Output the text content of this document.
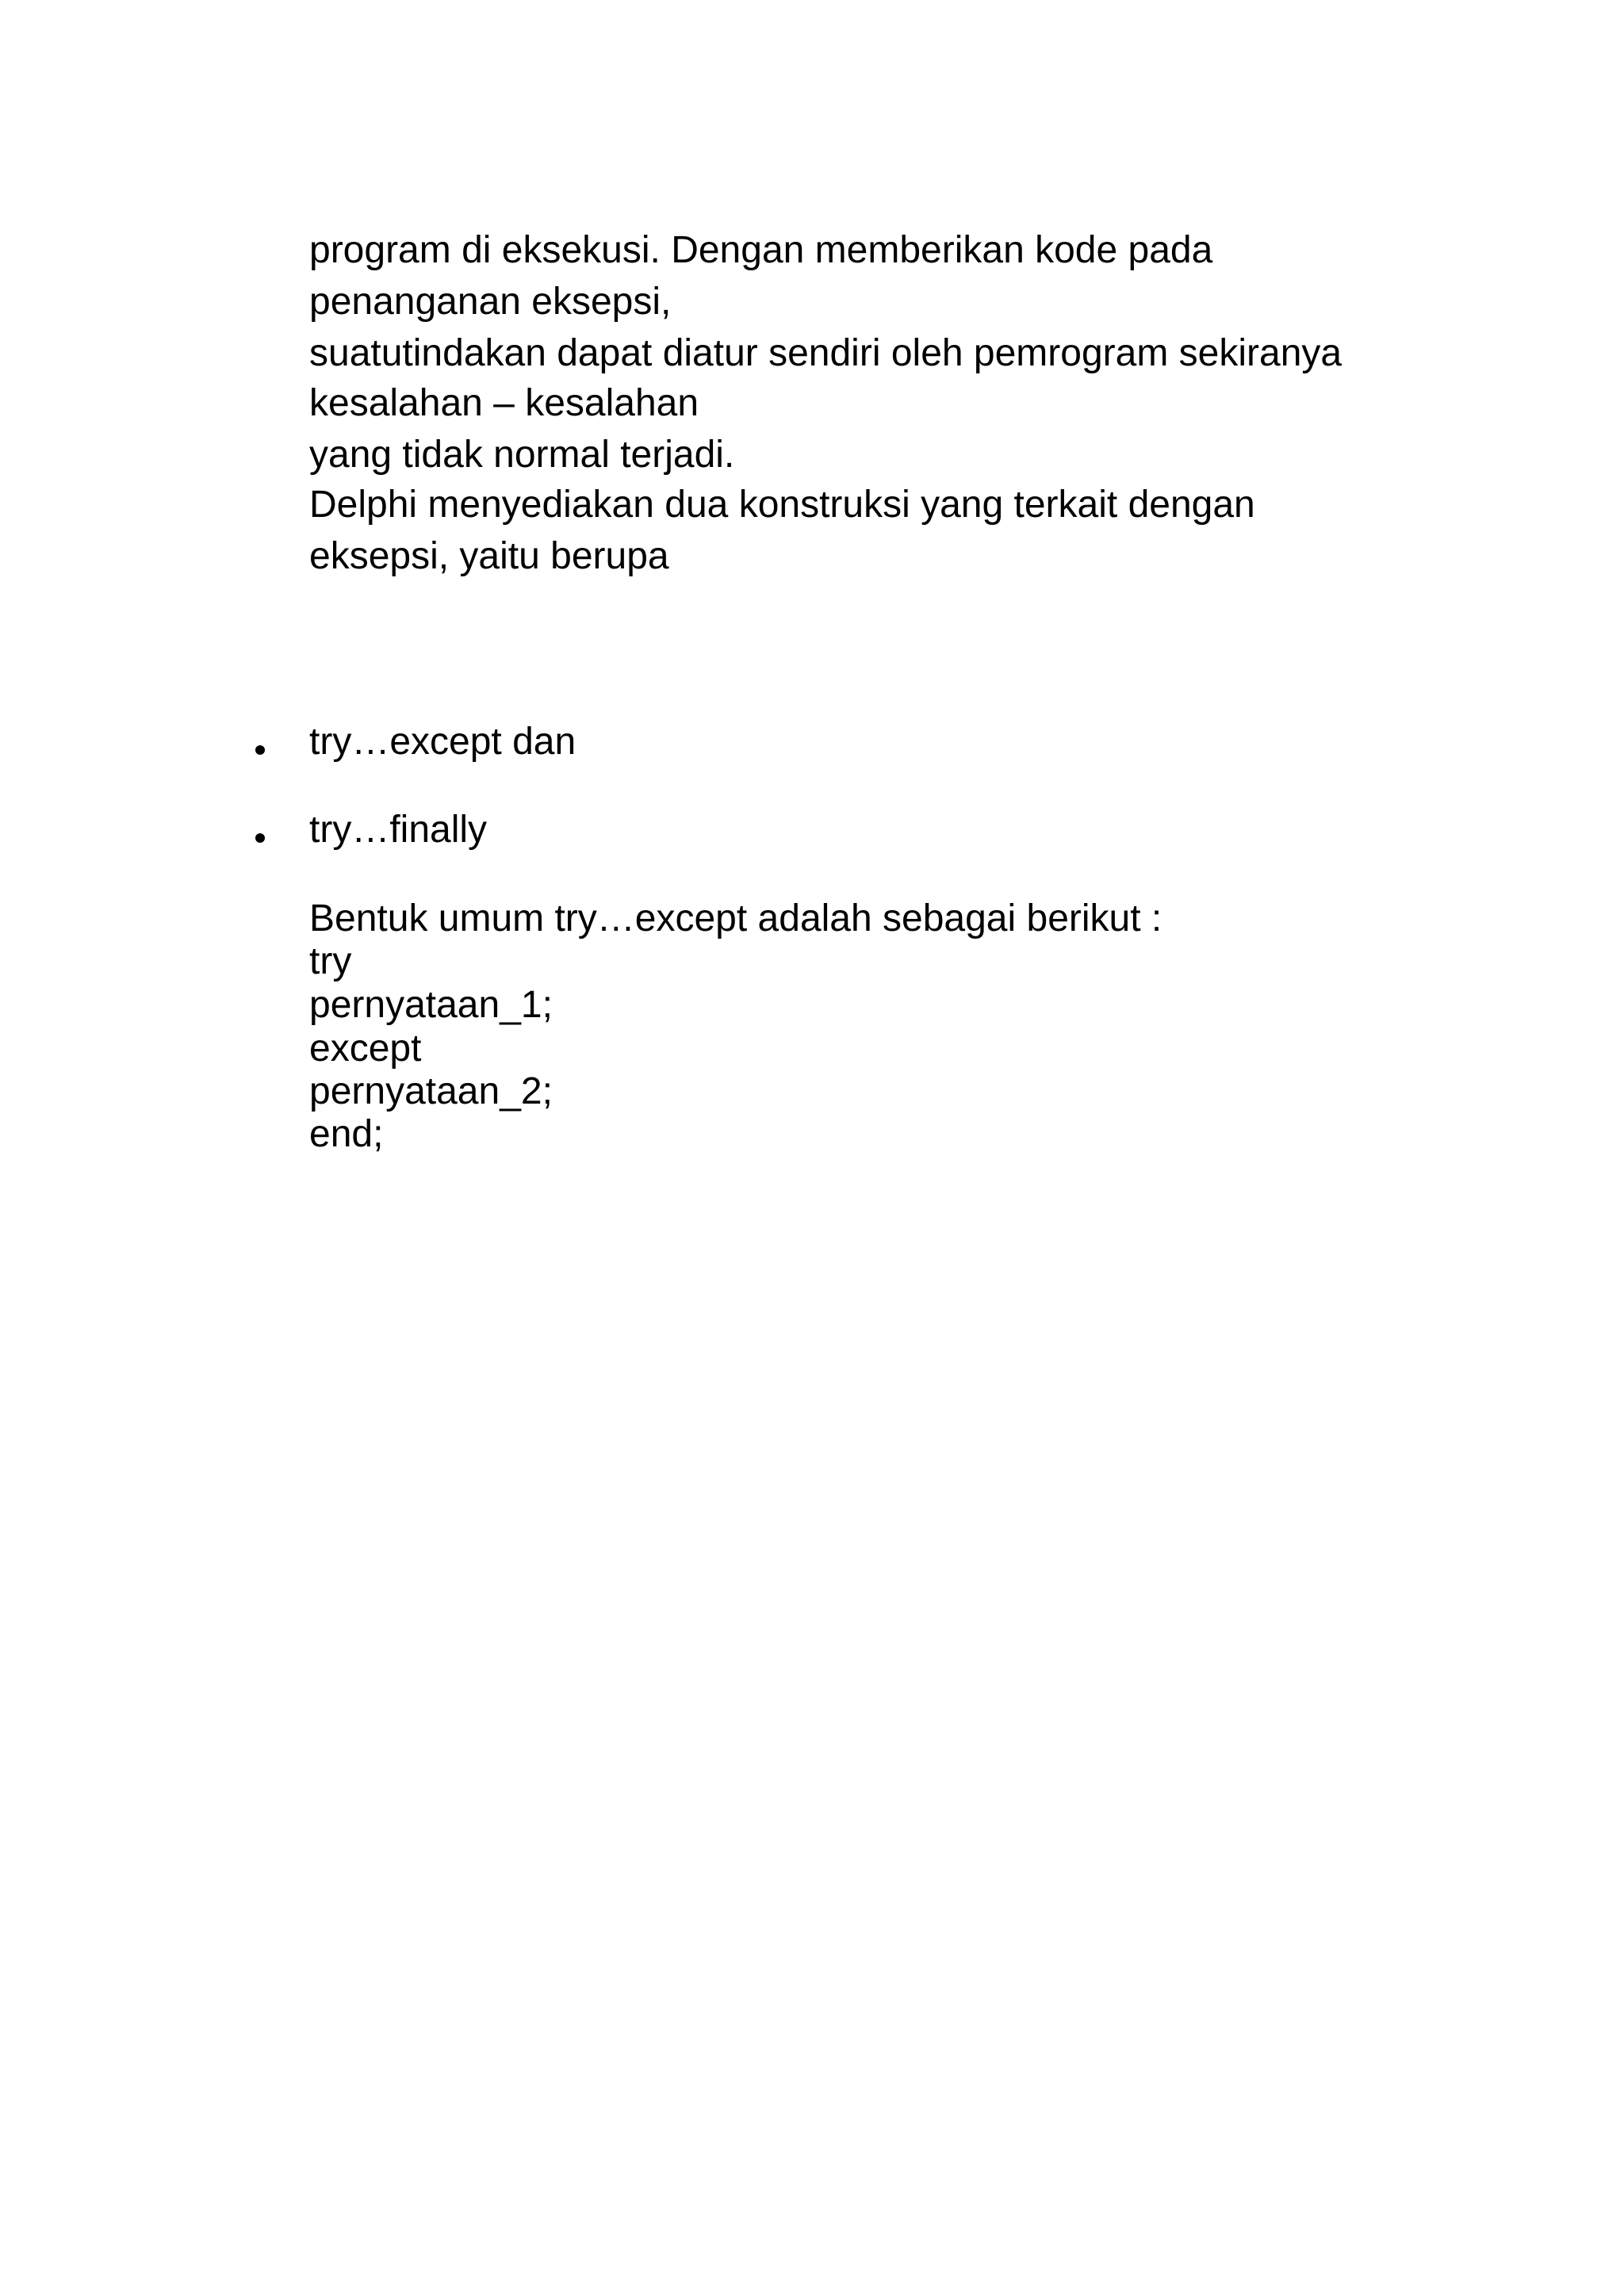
program di eksekusi. Dengan memberikan kode pada
penanganan eksepsi,
suatutindakan dapat diatur sendiri oleh pemrogram sekiranya
kesalahan – kesalahan
yang tidak normal terjadi.
Delphi menyediakan dua konstruksi yang terkait dengan
eksepsi, yaitu berupa
try…except dan
try…finally
Bentuk umum try…except adalah sebagai berikut :
try
pernyataan_1;
except
pernyataan_2;
end;
